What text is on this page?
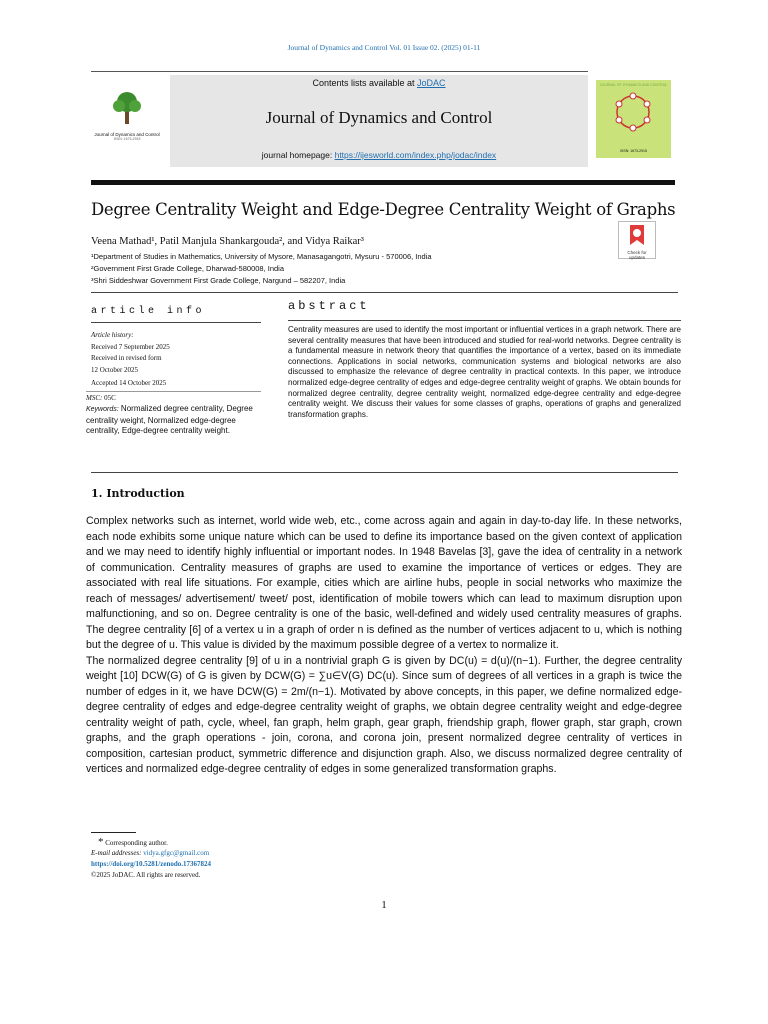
Journal of Dynamics and Control Vol. 01 Issue 02. (2025) 01-11
Journal of Dynamics and Control
ISSN: 1673-2915
Contents lists available at JoDAC
Journal of Dynamics and Control
journal homepage: https://ijesworld.com/index.php/jodac/index
JOURNAL OF DYNAMICS AND CONTROL
ISSN: 1673-2915
Degree Centrality Weight and Edge-Degree Centrality Weight of Graphs
Veena Mathad¹, Patil Manjula Shankargouda², and Vidya Raikar³
Check for
updates
¹Department of Studies in Mathematics, University of Mysore, Manasagangotri, Mysuru - 570006, India
²Government First Grade College, Dharwad-580008, India
³Shri Siddeshwar Government First Grade College, Nargund – 582207, India
article info	abstract
Article history:
Received 7 September 2025
Received in revised form
12 October 2025
Accepted 14 October 2025
MSC: 05C
Keywords: Normalized degree centrality, Degree centrality weight, Normalized edge-degree centrality, Edge-degree centrality weight.
Centrality measures are used to identify the most important or influential vertices in a graph network. There are several centrality measures that have been introduced and studied for real-world networks. Degree centrality is a fundamental measure in network theory that quantifies the importance of a vertex, based on its immediate connections. Applications in social networks, communication systems and biological networks are also discussed to emphasize the relevance of degree centrality in practical contexts. In this paper, we introduce normalized edge-degree centrality of edges and edge-degree centrality weight of graphs. We obtain bounds for normalized degree centrality, degree centrality weight, normalized edge-degree centrality and edge-degree centrality weight. We discuss their values for some classes of graphs, operations of graphs and generalized transformation graphs.
1. Introduction

Complex networks such as internet, world wide web, etc., come across again and again in day-to-day life. In these networks, each node exhibits some unique nature which can be used to define its importance based on the given context of application and we may need to identify highly influential or important nodes. In 1948 Bavelas [3], gave the idea of centrality in a network of communication. Centrality measures of graphs are used to examine the importance of vertices or edges. They are associated with real life situations. For example, cities which are airline hubs, people in social networks who maximize the reach of messages/ advertisement/ tweet/ post, identification of mobile towers which can lead to maximum disruption upon malfunctioning, and so on. Degree centrality is one of the basic, well-defined and widely used centrality measures of graphs. The degree centrality [6] of a vertex u in a graph of order n is defined as the number of vertices adjacent to u, which is nothing but the degree of u. This value is divided by the maximum possible degree of a vertex to normalize it.

The normalized degree centrality [9] of u in a nontrivial graph G is given by DC(u) = d(u)/(n−1). Further, the degree centrality weight [10] DCW(G) of G is given by DCW(G) = ∑u∈V(G) DC(u). Since sum of degrees of all vertices in a graph is twice the number of edges in it, we have DCW(G) = 2m/(n−1). Motivated by above concepts, in this paper, we define normalized edge-degree centrality of edges and edge-degree centrality weight of graphs, we obtain degree centrality weight and edge-degree centrality weight of path, cycle, wheel, fan graph, helm graph, gear graph, friendship graph, flower graph, star graph, crown graphs, and the graph operations - join, corona, and corona join, present normalized degree centrality of vertices in composition, cartesian product, symmetric difference and disjunction graph. Also, we discuss normalized degree centrality of vertices and normalized edge-degree centrality of edges in some generalized transformation graphs.

* Corresponding author.
E-mail addresses: vidya.gfgc@gmail.com
https://doi.org/10.5281/zenodo.17367824
©2025 JoDAC. All rights are reserved.
1
